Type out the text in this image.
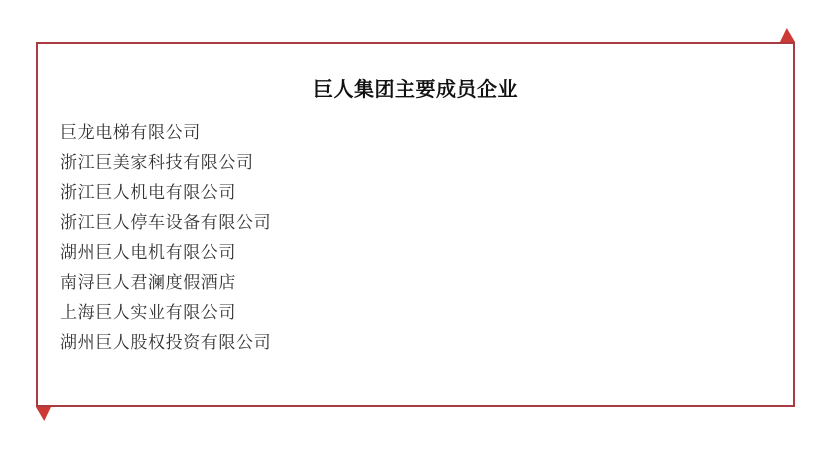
巨人集团主要成员企业
巨龙电梯有限公司
浙江巨美家科技有限公司
浙江巨人机电有限公司
浙江巨人停车设备有限公司
湖州巨人电机有限公司
南浔巨人君澜度假酒店
上海巨人实业有限公司
湖州巨人股权投资有限公司
